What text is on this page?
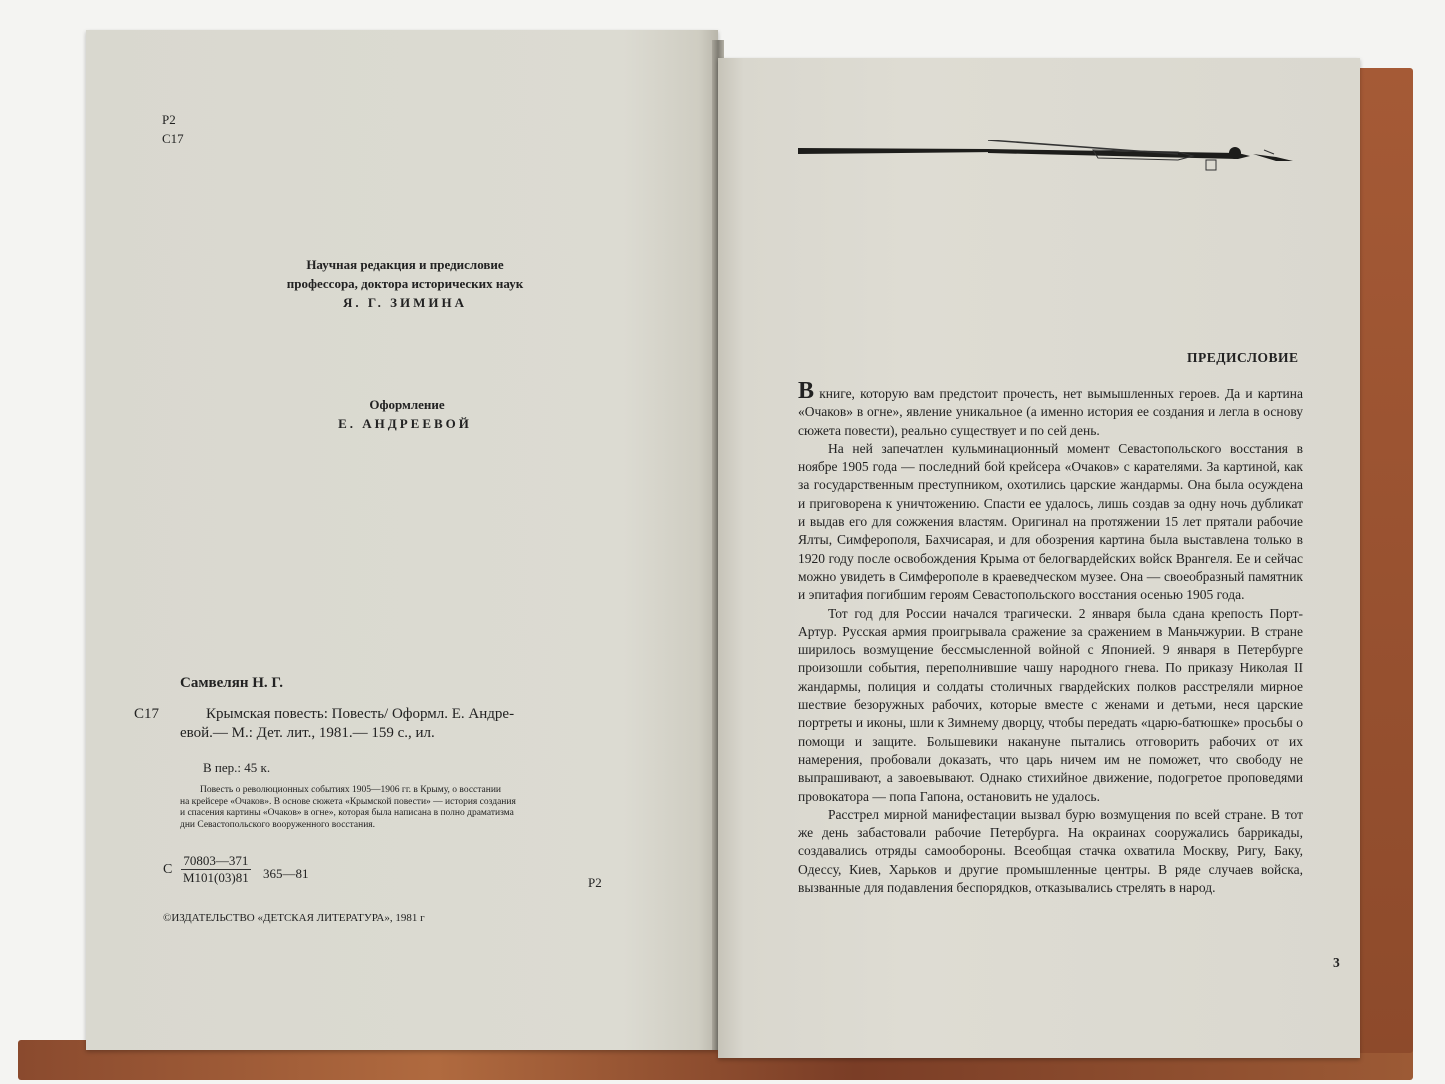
Р2
С17
Научная редакция и предисловие
профессора, доктора исторических наук
Я. Г. ЗИМИНА
Оформление
Е. АНДРЕЕВОЙ
Самвелян Н. Г.
С17	Крымская повесть: Повесть/ Оформл. Е. Андре-
евой.— М.: Дет. лит., 1981.— 159 с., ил.
В пер.: 45 к.
Повесть о революционных событиях 1905—1906 гг. в Крыму, о восстании
на крейсере «Очаков». В основе сюжета «Крымской повести» — история создания
и спасения картины «Очаков» в огне», которая была написана в полно драматизма
дни Севастопольского вооруженного восстания.
С $\frac{70803—371}{М101(03)81}$ 365—81
Р2
©ИЗДАТЕЛЬСТВО «ДЕТСКАЯ ЛИТЕРАТУРА», 1981 г
ПРЕДИСЛОВИЕ

В книге, которую вам предстоит прочесть, нет вымышленных героев. Да и картина «Очаков» в огне», явление уникальное (а именно история ее создания и легла в основу сюжета повести), реально существует и по сей день.

На ней запечатлен кульминационный момент Севастопольского восстания в ноябре 1905 года — последний бой крейсера «Очаков» с карателями. За картиной, как за государственным преступником, охотились царские жандармы. Она была осуждена и приговорена к уничтожению. Спасти ее удалось, лишь создав за одну ночь дубликат и выдав его для сожжения властям. Оригинал на протяжении 15 лет прятали рабочие Ялты, Симферополя, Бахчисарая, и для обозрения картина была выставлена только в 1920 году после освобождения Крыма от белогвардейских войск Врангеля. Ее и сейчас можно увидеть в Симферополе в краеведческом музее. Она — своеобразный памятник и эпитафия погибшим героям Севастопольского восстания осенью 1905 года.

Тот год для России начался трагически. 2 января была сдана крепость Порт-Артур. Русская армия проигрывала сражение за сражением в Маньчжурии. В стране ширилось возмущение бессмысленной войной с Японией. 9 января в Петербурге произошли события, переполнившие чашу народного гнева. По приказу Николая II жандармы, полиция и солдаты столичных гвардейских полков расстреляли мирное шествие безоружных рабочих, которые вместе с женами и детьми, неся царские портреты и иконы, шли к Зимнему дворцу, чтобы передать «царю-батюшке» просьбы о помощи и защите. Большевики накануне пытались отговорить рабочих от их намерения, пробовали доказать, что царь ничем им не поможет, что свободу не выпрашивают, а завоевывают. Однако стихийное движение, подогретое проповедями провокатора — попа Гапона, остановить не удалось.

Расстрел мирной манифестации вызвал бурю возмущения по всей стране. В тот же день забастовали рабочие Петербурга. На окраинах сооружались баррикады, создавались отряды самообороны. Всеобщая стачка охватила Москву, Ригу, Баку, Одессу, Киев, Харьков и другие промышленные центры. В ряде случаев войска, вызванные для подавления беспорядков, отказывались стрелять в народ.

3
